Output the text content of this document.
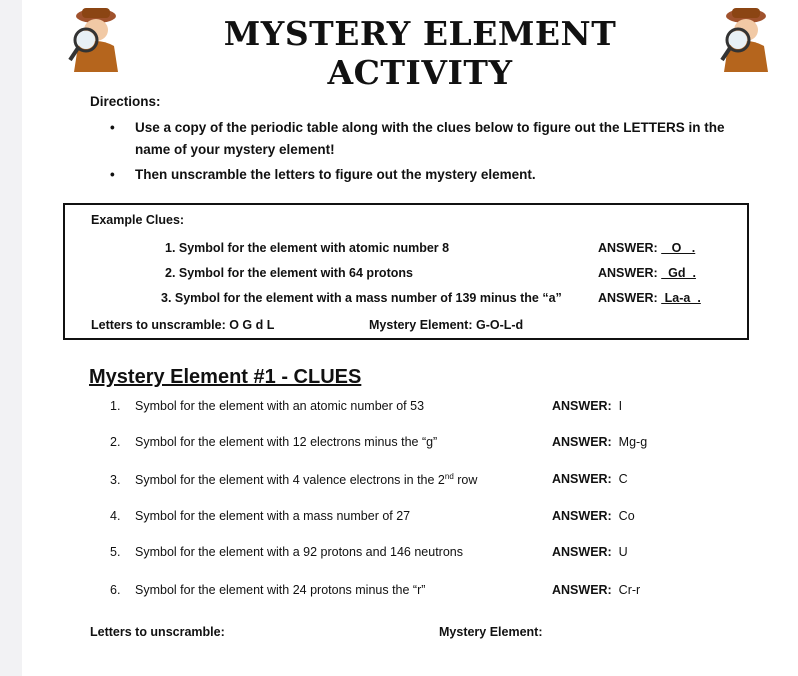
MYSTERY ELEMENT ACTIVITY
Directions:
• Use a copy of the periodic table along with the clues below to figure out the LETTERS in the name of your mystery element!
• Then unscramble the letters to figure out the mystery element.
Example Clues:
1. Symbol for the element with atomic number 8	ANSWER:    O   .
2. Symbol for the element with 64 protons	ANSWER:   Gd  .
3. Symbol for the element with a mass number of 139 minus the “a”	ANSWER:  La-a  .
Letters to unscramble: O G d L	Mystery Element: G-O-L-d
Mystery Element #1 - CLUES
1. Symbol for the element with an atomic number of 53	ANSWER: I
2. Symbol for the element with 12 electrons minus the “g”	ANSWER: Mg-g
3. Symbol for the element with 4 valence electrons in the 2nd row	ANSWER: C
4. Symbol for the element with a mass number of 27	ANSWER: Co
5. Symbol for the element with a 92 protons and 146 neutrons	ANSWER: U
6. Symbol for the element with 24 protons minus the “r”	ANSWER: Cr-r
Letters to unscramble:	Mystery Element:
